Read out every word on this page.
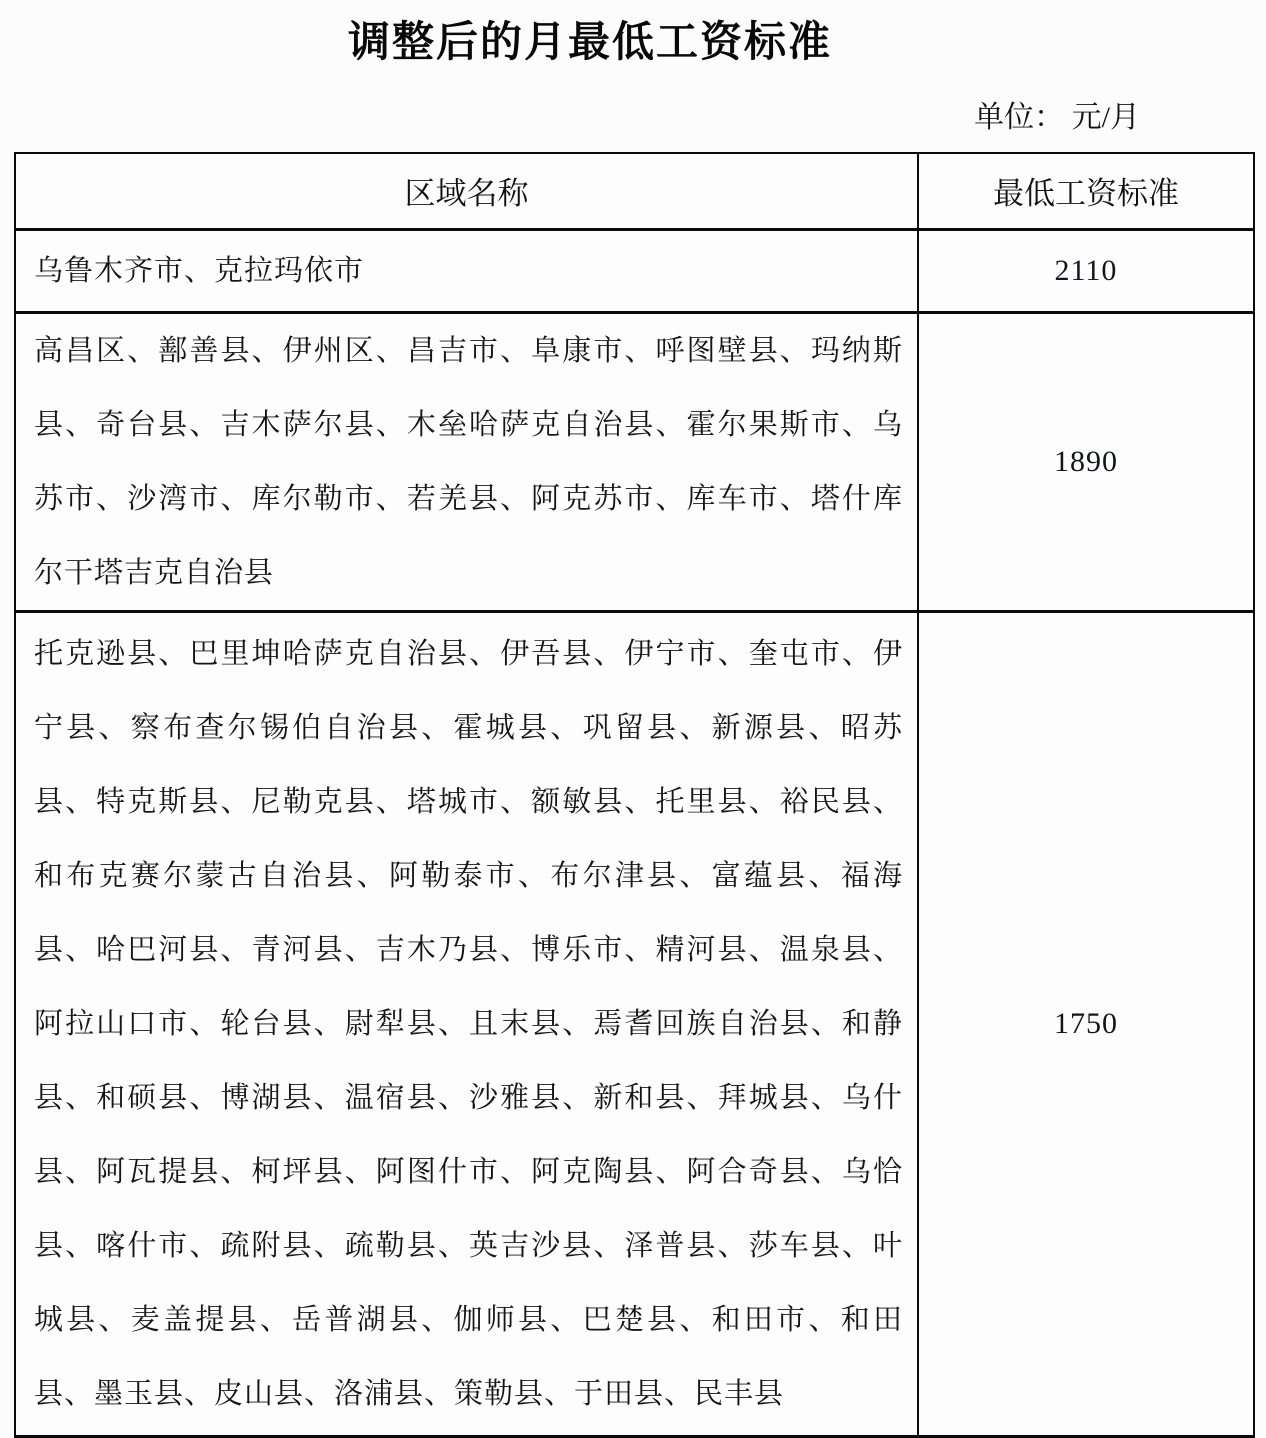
调整后的月最低工资标准
单位： 元/月
区域名称	最低工资标准
乌鲁木齐市、克拉玛依市	2110
高昌区、鄯善县、伊州区、昌吉市、阜康市、呼图壁县、玛纳斯县、奇台县、吉木萨尔县、木垒哈萨克自治县、霍尔果斯市、乌苏市、沙湾市、库尔勒市、若羌县、阿克苏市、库车市、塔什库尔干塔吉克自治县	1890
托克逊县、巴里坤哈萨克自治县、伊吾县、伊宁市、奎屯市、伊宁县、察布查尔锡伯自治县、霍城县、巩留县、新源县、昭苏县、特克斯县、尼勒克县、塔城市、额敏县、托里县、裕民县、和布克赛尔蒙古自治县、阿勒泰市、布尔津县、富蕴县、福海县、哈巴河县、青河县、吉木乃县、博乐市、精河县、温泉县、阿拉山口市、轮台县、尉犁县、且末县、焉耆回族自治县、和静县、和硕县、博湖县、温宿县、沙雅县、新和县、拜城县、乌什县、阿瓦提县、柯坪县、阿图什市、阿克陶县、阿合奇县、乌恰县、喀什市、疏附县、疏勒县、英吉沙县、泽普县、莎车县、叶城县、麦盖提县、岳普湖县、伽师县、巴楚县、和田市、和田县、墨玉县、皮山县、洛浦县、策勒县、于田县、民丰县	1750
